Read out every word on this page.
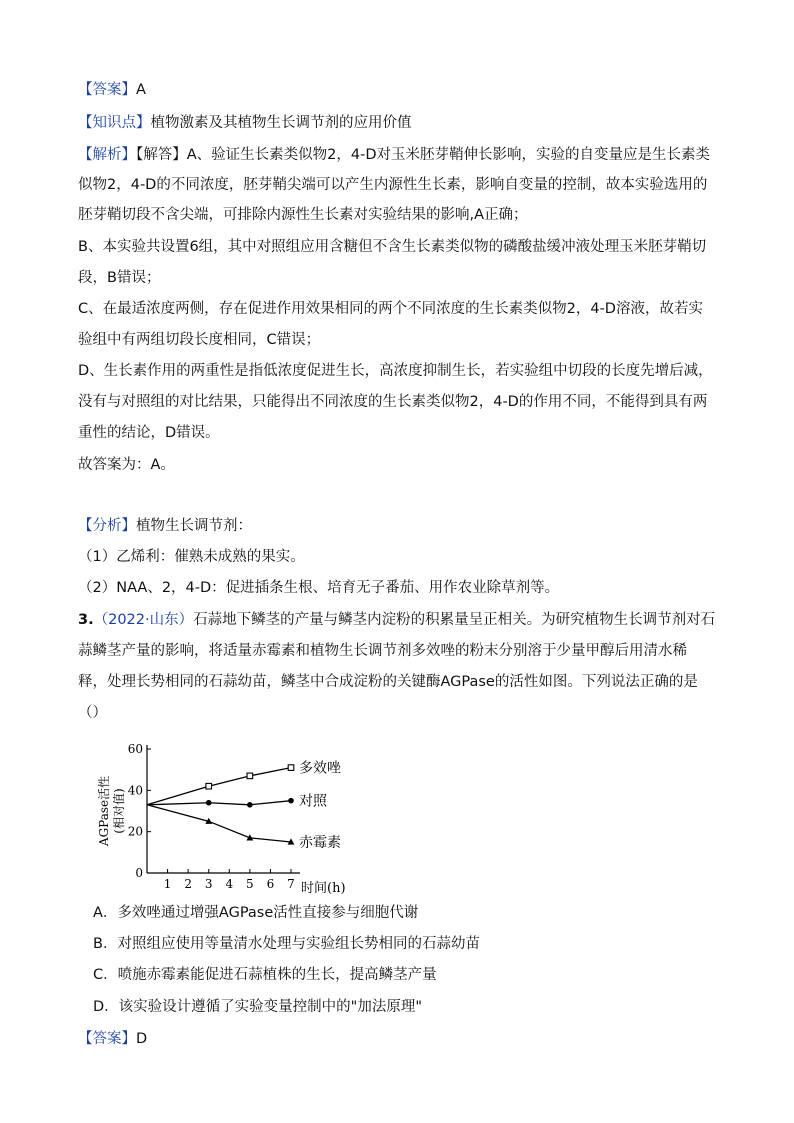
【答案】A
【知识点】植物激素及其植物生长调节剂的应用价值
【解析】【解答】A、验证生长素类似物2，4-D对玉米胚芽鞘伸长影响，实验的自变量应是生长素类
似物2，4-D的不同浓度，胚芽鞘尖端可以产生内源性生长素，影响自变量的控制，故本实验选用的
胚芽鞘切段不含尖端，可排除内源性生长素对实验结果的影响,A正确；
B、本实验共设置6组，其中对照组应用含糖但不含生长素类似物的磷酸盐缓冲液处理玉米胚芽鞘切
段，B错误；
C、在最适浓度两侧，存在促进作用效果相同的两个不同浓度的生长素类似物2，4-D溶液，故若实
验组中有两组切段长度相同，C错误；
D、生长素作用的两重性是指低浓度促进生长，高浓度抑制生长，若实验组中切段的长度先增后减，
没有与对照组的对比结果，只能得出不同浓度的生长素类似物2，4-D的作用不同，不能得到具有两
重性的结论，D错误。
故答案为：A。
【分析】植物生长调节剂：
（1）乙烯利：催熟未成熟的果实。
（2）NAA、2，4-D：促进插条生根、培育无子番茄、用作农业除草剂等。
3.（2022·山东）石蒜地下鳞茎的产量与鳞茎内淀粉的积累量呈正相关。为研究植物生长调节剂对石
蒜鳞茎产量的影响，将适量赤霉素和植物生长调节剂多效唑的粉末分别溶于少量甲醇后用清水稀
释，处理长势相同的石蒜幼苗，鳞茎中合成淀粉的关键酶AGPase的活性如图。下列说法正确的是
（）
0
20
40
60
1 2 3 4 5 6 7 时间(h)
AGPase活性 (相对值)
多效唑
对照
赤霉素
A．多效唑通过增强AGPase活性直接参与细胞代谢
B．对照组应使用等量清水处理与实验组长势相同的石蒜幼苗
C．喷施赤霉素能促进石蒜植株的生长，提高鳞茎产量
D．该实验设计遵循了实验变量控制中的"加法原理"
【答案】D
